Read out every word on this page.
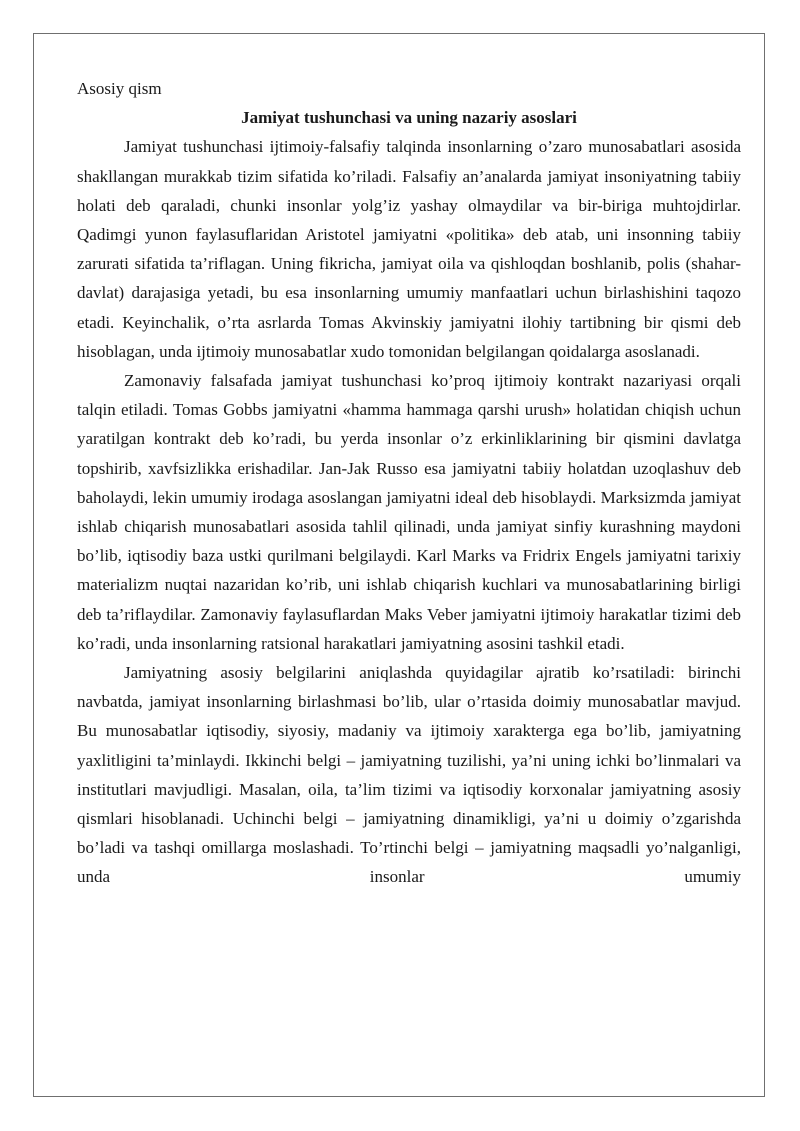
Asosiy qism

Jamiyat tushunchasi va uning nazariy asoslari

Jamiyat tushunchasi ijtimoiy-falsafiy talqinda insonlarning o’zaro munosabatlari asosida shakllangan murakkab tizim sifatida ko’riladi. Falsafiy an’analarda jamiyat insoniyatning tabiiy holati deb qaraladi, chunki insonlar yolg’iz yashay olmaydilar va bir-biriga muhtojdirlar. Qadimgi yunon faylasuflaridan Aristotel jamiyatni «politika» deb atab, uni insonning tabiiy zarurati sifatida ta’riflagan. Uning fikricha, jamiyat oila va qishloqdan boshlanib, polis (shahar-davlat) darajasiga yetadi, bu esa insonlarning umumiy manfaatlari uchun birlashishini taqozo etadi. Keyinchalik, o’rta asrlarda Tomas Akvinskiy jamiyatni ilohiy tartibning bir qismi deb hisoblagan, unda ijtimoiy munosabatlar xudo tomonidan belgilangan qoidalarga asoslanadi.

Zamonaviy falsafada jamiyat tushunchasi ko’proq ijtimoiy kontrakt nazariyasi orqali talqin etiladi. Tomas Gobbs jamiyatni «hamma hammaga qarshi urush» holatidan chiqish uchun yaratilgan kontrakt deb ko’radi, bu yerda insonlar o’z erkinliklarining bir qismini davlatga topshirib, xavfsizlikka erishadilar. Jan-Jak Russo esa jamiyatni tabiiy holatdan uzoqlashuv deb baholaydi, lekin umumiy irodaga asoslangan jamiyatni ideal deb hisoblaydi. Marksizmda jamiyat ishlab chiqarish munosabatlari asosida tahlil qilinadi, unda jamiyat sinfiy kurashning maydoni bo’lib, iqtisodiy baza ustki qurilmani belgilaydi. Karl Marks va Fridrix Engels jamiyatni tarixiy materializm nuqtai nazaridan ko’rib, uni ishlab chiqarish kuchlari va munosabatlarining birligi deb ta’riflaydilar. Zamonaviy faylasuflardan Maks Veber jamiyatni ijtimoiy harakatlar tizimi deb ko’radi, unda insonlarning ratsional harakatlari jamiyatning asosini tashkil etadi.

Jamiyatning asosiy belgilarini aniqlashda quyidagilar ajratib ko’rsatiladi: birinchi navbatda, jamiyat insonlarning birlashmasi bo’lib, ular o’rtasida doimiy munosabatlar mavjud. Bu munosabatlar iqtisodiy, siyosiy, madaniy va ijtimoiy xarakterga ega bo’lib, jamiyatning yaxlitligini ta’minlaydi. Ikkinchi belgi – jamiyatning tuzilishi, ya’ni uning ichki bo’linmalari va institutlari mavjudligi. Masalan, oila, ta’lim tizimi va iqtisodiy korxonalar jamiyatning asosiy qismlari hisoblanadi. Uchinchi belgi – jamiyatning dinamikligi, ya’ni u doimiy o’zgarishda bo’ladi va tashqi omillarga moslashadi. To’rtinchi belgi – jamiyatning maqsadli yo’nalganligi, unda insonlar umumiy
